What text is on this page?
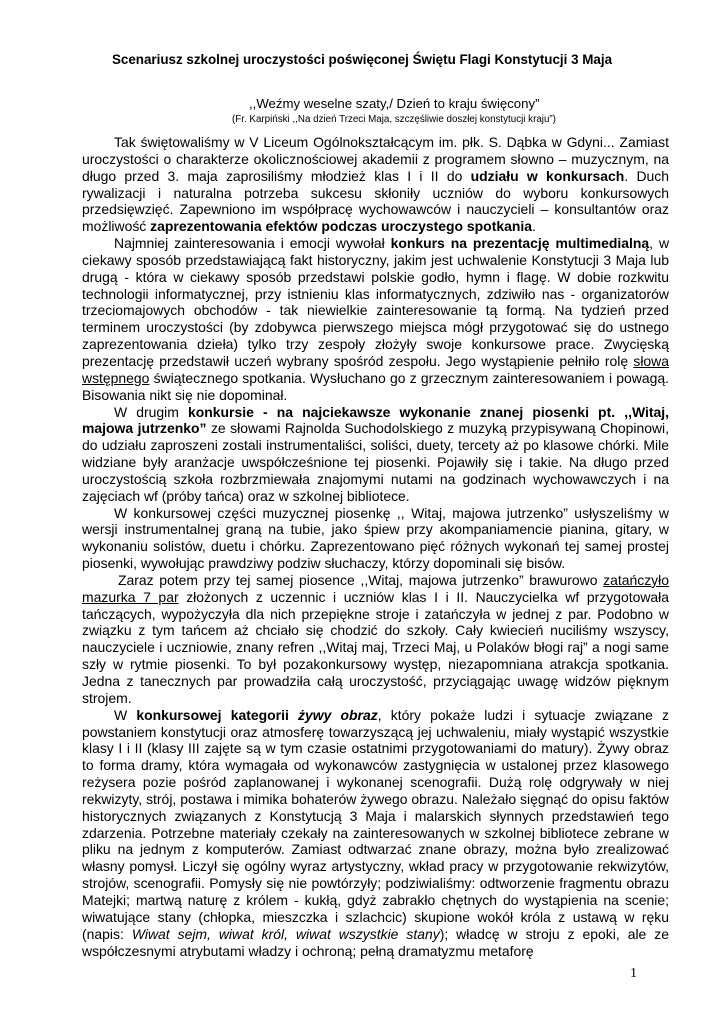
Scenariusz szkolnej uroczystości poświęconej Świętu Flagi Konstytucji 3 Maja
,,Weźmy weselne szaty,/ Dzień to kraju święcony”
(Fr. Karpiński ,,Na dzień Trzeci Maja, szczęśliwie doszłej konstytucji kraju”)

Tak świętowaliśmy w V Liceum Ogólnokształcącym im. płk. S. Dąbka w Gdyni... Zamiast uroczystości o charakterze okolicznościowej akademii z programem słowno – muzycznym, na długo przed 3. maja zaprosiliśmy młodzież klas I i II do udziału w konkursach. Duch rywalizacji i naturalna potrzeba sukcesu skłoniły uczniów do wyboru konkursowych przedsięwzięć. Zapewniono im współpracę wychowawców i nauczycieli – konsultantów oraz możliwość zaprezentowania efektów podczas uroczystego spotkania.

Najmniej zainteresowania i emocji wywołał konkurs na prezentację multimedialną, w ciekawy sposób przedstawiającą fakt historyczny, jakim jest uchwalenie Konstytucji 3 Maja lub drugą - która w ciekawy sposób przedstawi polskie godło, hymn i flagę. W dobie rozkwitu technologii informatycznej, przy istnieniu klas informatycznych, zdziwiło nas - organizatorów trzeciomajowych obchodów - tak niewielkie zainteresowanie tą formą. Na tydzień przed terminem uroczystości (by zdobywca pierwszego miejsca mógł przygotować się do ustnego zaprezentowania dzieła) tylko trzy zespoły złożyły swoje konkursowe prace. Zwycięską prezentację przedstawił uczeń wybrany spośród zespołu. Jego wystąpienie pełniło rolę słowa wstępnego świątecznego spotkania. Wysłuchano go z grzecznym zainteresowaniem i powagą. Bisowania nikt się nie dopominał.

W drugim konkursie - na najciekawsze wykonanie znanej piosenki pt. ,,Witaj, majowa jutrzenko” ze słowami Rajnolda Suchodolskiego z muzyką przypisywaną Chopinowi, do udziału zaproszeni zostali instrumentaliści, soliści, duety, tercety aż po klasowe chórki. Mile widziane były aranżacje uwspółcześnione tej piosenki. Pojawiły się i takie. Na długo przed uroczystością szkoła rozbrzmiewała znajomymi nutami na godzinach wychowawczych i na zajęciach wf (próby tańca) oraz w szkolnej bibliotece.

W konkursowej części muzycznej piosenkę ,, Witaj, majowa jutrzenko” usłyszeliśmy w wersji instrumentalnej graną na tubie, jako śpiew przy akompaniamencie pianina, gitary, w wykonaniu solistów, duetu i chórku. Zaprezentowano pięć różnych wykonań tej samej prostej piosenki, wywołując prawdziwy podziw słuchaczy, którzy dopominali się bisów.

Zaraz potem przy tej samej piosence ,,Witaj, majowa jutrzenko” brawurowo zatańczyło mazurka 7 par złożonych z uczennic i uczniów klas I i II. Nauczycielka wf przygotowała tańczących, wypożyczyła dla nich przepiękne stroje i zatańczyła w jednej z par. Podobno w związku z tym tańcem aż chciało się chodzić do szkoły. Cały kwiecień nuciliśmy wszyscy, nauczyciele i uczniowie, znany refren ,,Witaj maj, Trzeci Maj, u Polaków błogi raj” a nogi same szły w rytmie piosenki. To był pozakonkursowy występ, niezapomniana atrakcja spotkania. Jedna z tanecznych par prowadziła całą uroczystość, przyciągając uwagę widzów pięknym strojem.

W konkursowej kategorii żywy obraz, który pokaże ludzi i sytuacje związane z powstaniem konstytucji oraz atmosferę towarzyszącą jej uchwaleniu, miały wystąpić wszystkie klasy I i II (klasy III zajęte są w tym czasie ostatnimi przygotowaniami do matury). Żywy obraz to forma dramy, która wymagała od wykonawców zastygnięcia w ustalonej przez klasowego reżysera pozie pośród zaplanowanej i wykonanej scenografii. Dużą rolę odgrywały w niej rekwizyty, strój, postawa i mimika bohaterów żywego obrazu. Należało sięgnąć do opisu faktów historycznych związanych z Konstytucją 3 Maja i malarskich słynnych przedstawień tego zdarzenia. Potrzebne materiały czekały na zainteresowanych w szkolnej bibliotece zebrane w pliku na jednym z komputerów. Zamiast odtwarzać znane obrazy, można było zrealizować własny pomysł. Liczył się ogólny wyraz artystyczny, wkład pracy w przygotowanie rekwizytów, strojów, scenografii. Pomysły się nie powtórzyły; podziwialiśmy: odtworzenie fragmentu obrazu Matejki; martwą naturę z królem - kukłą, gdyż zabrakło chętnych do wystąpienia na scenie; wiwatujące stany (chłopka, mieszczka i szlachcic) skupione wokół króla z ustawą w ręku (napis: Wiwat sejm, wiwat król, wiwat wszystkie stany); władcę w stroju z epoki, ale ze współczesnymi atrybutami władzy i ochroną; pełną dramatyzmu metaforę

1
